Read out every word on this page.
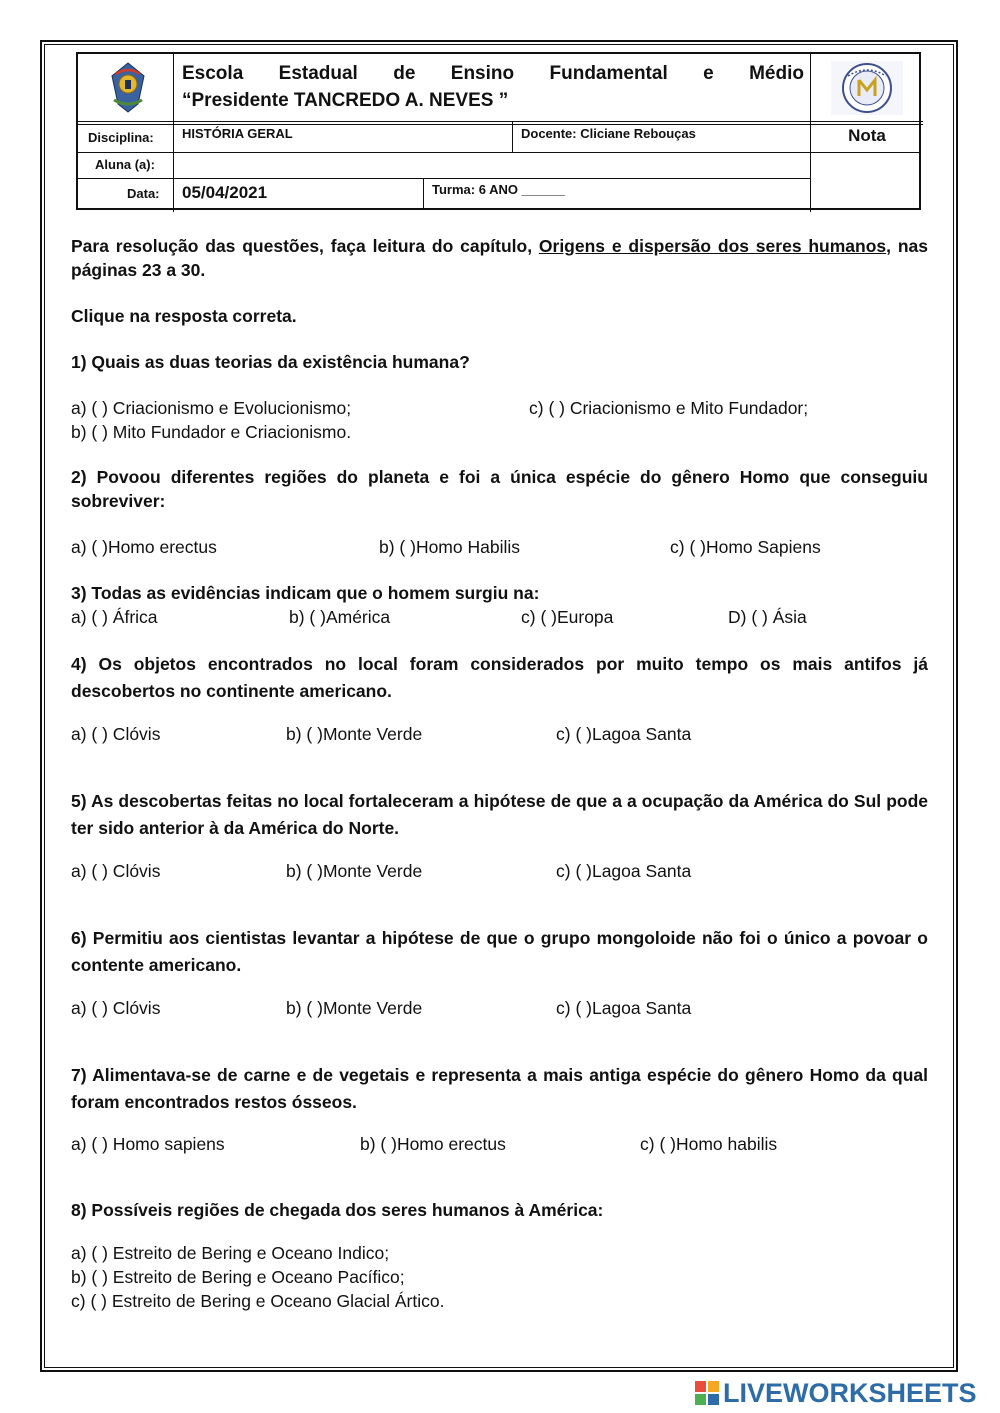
Escola Estadual de Ensino Fundamental e Médio
“Presidente TANCREDO A. NEVES ”
Disciplina: HISTÓRIA GERAL	Docente: Cliciane Rebouças	Nota
Aluna (a):
Data: 05/04/2021	Turma: 6 ANO ______
Para resolução das questões, faça leitura do capítulo, Origens e dispersão dos seres humanos, nas páginas 23 a 30.
Clique na resposta correta.
1) Quais as duas teorias da existência humana?
a) ( ) Criacionismo e Evolucionismo;	c) ( ) Criacionismo e Mito Fundador;
b) ( ) Mito Fundador e Criacionismo.
2) Povoou diferentes regiões do planeta e foi a única espécie do gênero Homo que conseguiu sobreviver:
a) ( )Homo erectus	b) ( )Homo Habilis	c) ( )Homo Sapiens
3) Todas as evidências indicam que o homem surgiu na:
a) ( ) África	b) ( )América	c) ( )Europa	D) ( ) Ásia
4) Os objetos encontrados no local foram considerados por muito tempo os mais antifos já descobertos no continente americano.
a) ( ) Clóvis	b) ( )Monte Verde	c) ( )Lagoa Santa
5) As descobertas feitas no local fortaleceram a hipótese de que a a ocupação da América do Sul pode ter sido anterior à da América do Norte.
a) ( ) Clóvis	b) ( )Monte Verde	c) ( )Lagoa Santa
6) Permitiu aos cientistas levantar a hipótese de que o grupo mongoloide não foi o único a povoar o contente americano.
a) ( ) Clóvis	b) ( )Monte Verde	c) ( )Lagoa Santa
7) Alimentava-se de carne e de vegetais e representa a mais antiga espécie do gênero Homo da qual foram encontrados restos ósseos.
a) ( ) Homo sapiens	b) ( )Homo erectus	c) ( )Homo habilis
8) Possíveis regiões de chegada dos seres humanos à América:
a) ( ) Estreito de Bering e Oceano Indico;
b) ( ) Estreito de Bering e Oceano Pacífico;
c) ( ) Estreito de Bering e Oceano Glacial Ártico.
LIVEWORKSHEETS
